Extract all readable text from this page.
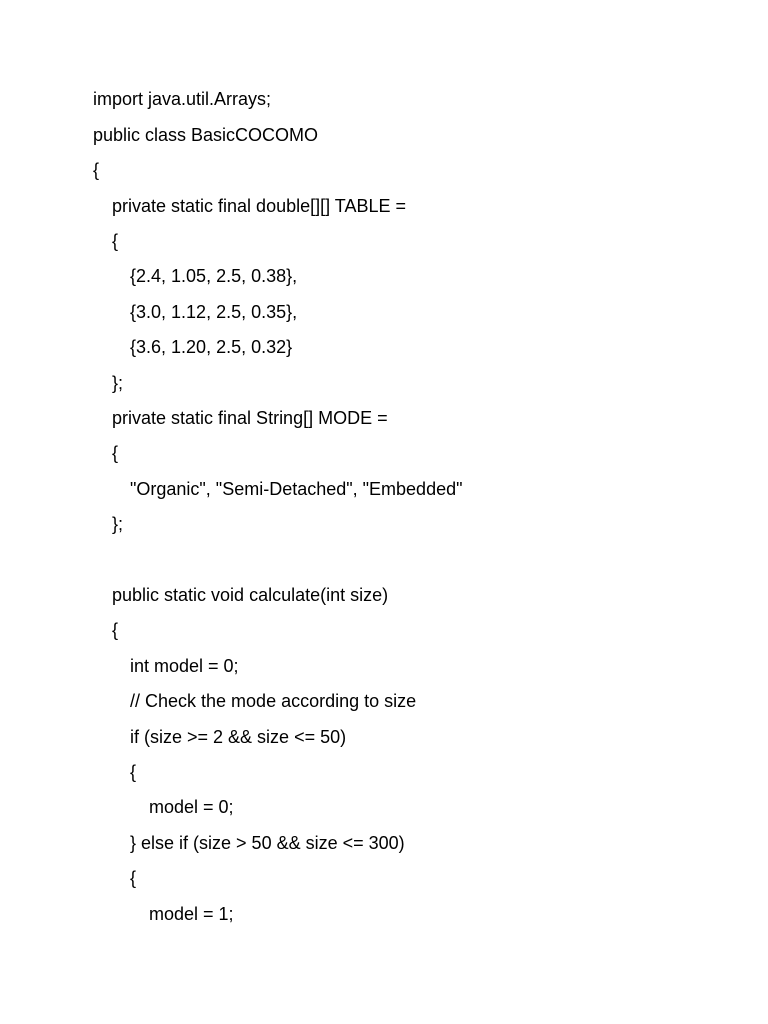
import java.util.Arrays;
public class BasicCOCOMO
{
private static final double[][] TABLE =
{
{2.4, 1.05, 2.5, 0.38},
{3.0, 1.12, 2.5, 0.35},
{3.6, 1.20, 2.5, 0.32}
};
private static final String[] MODE =
{
"Organic", "Semi-Detached", "Embedded"
};
public static void calculate(int size)
{
int model = 0;
// Check the mode according to size
if (size >= 2 && size <= 50)
{
model = 0;
} else if (size > 50 && size <= 300)
{
model = 1;
